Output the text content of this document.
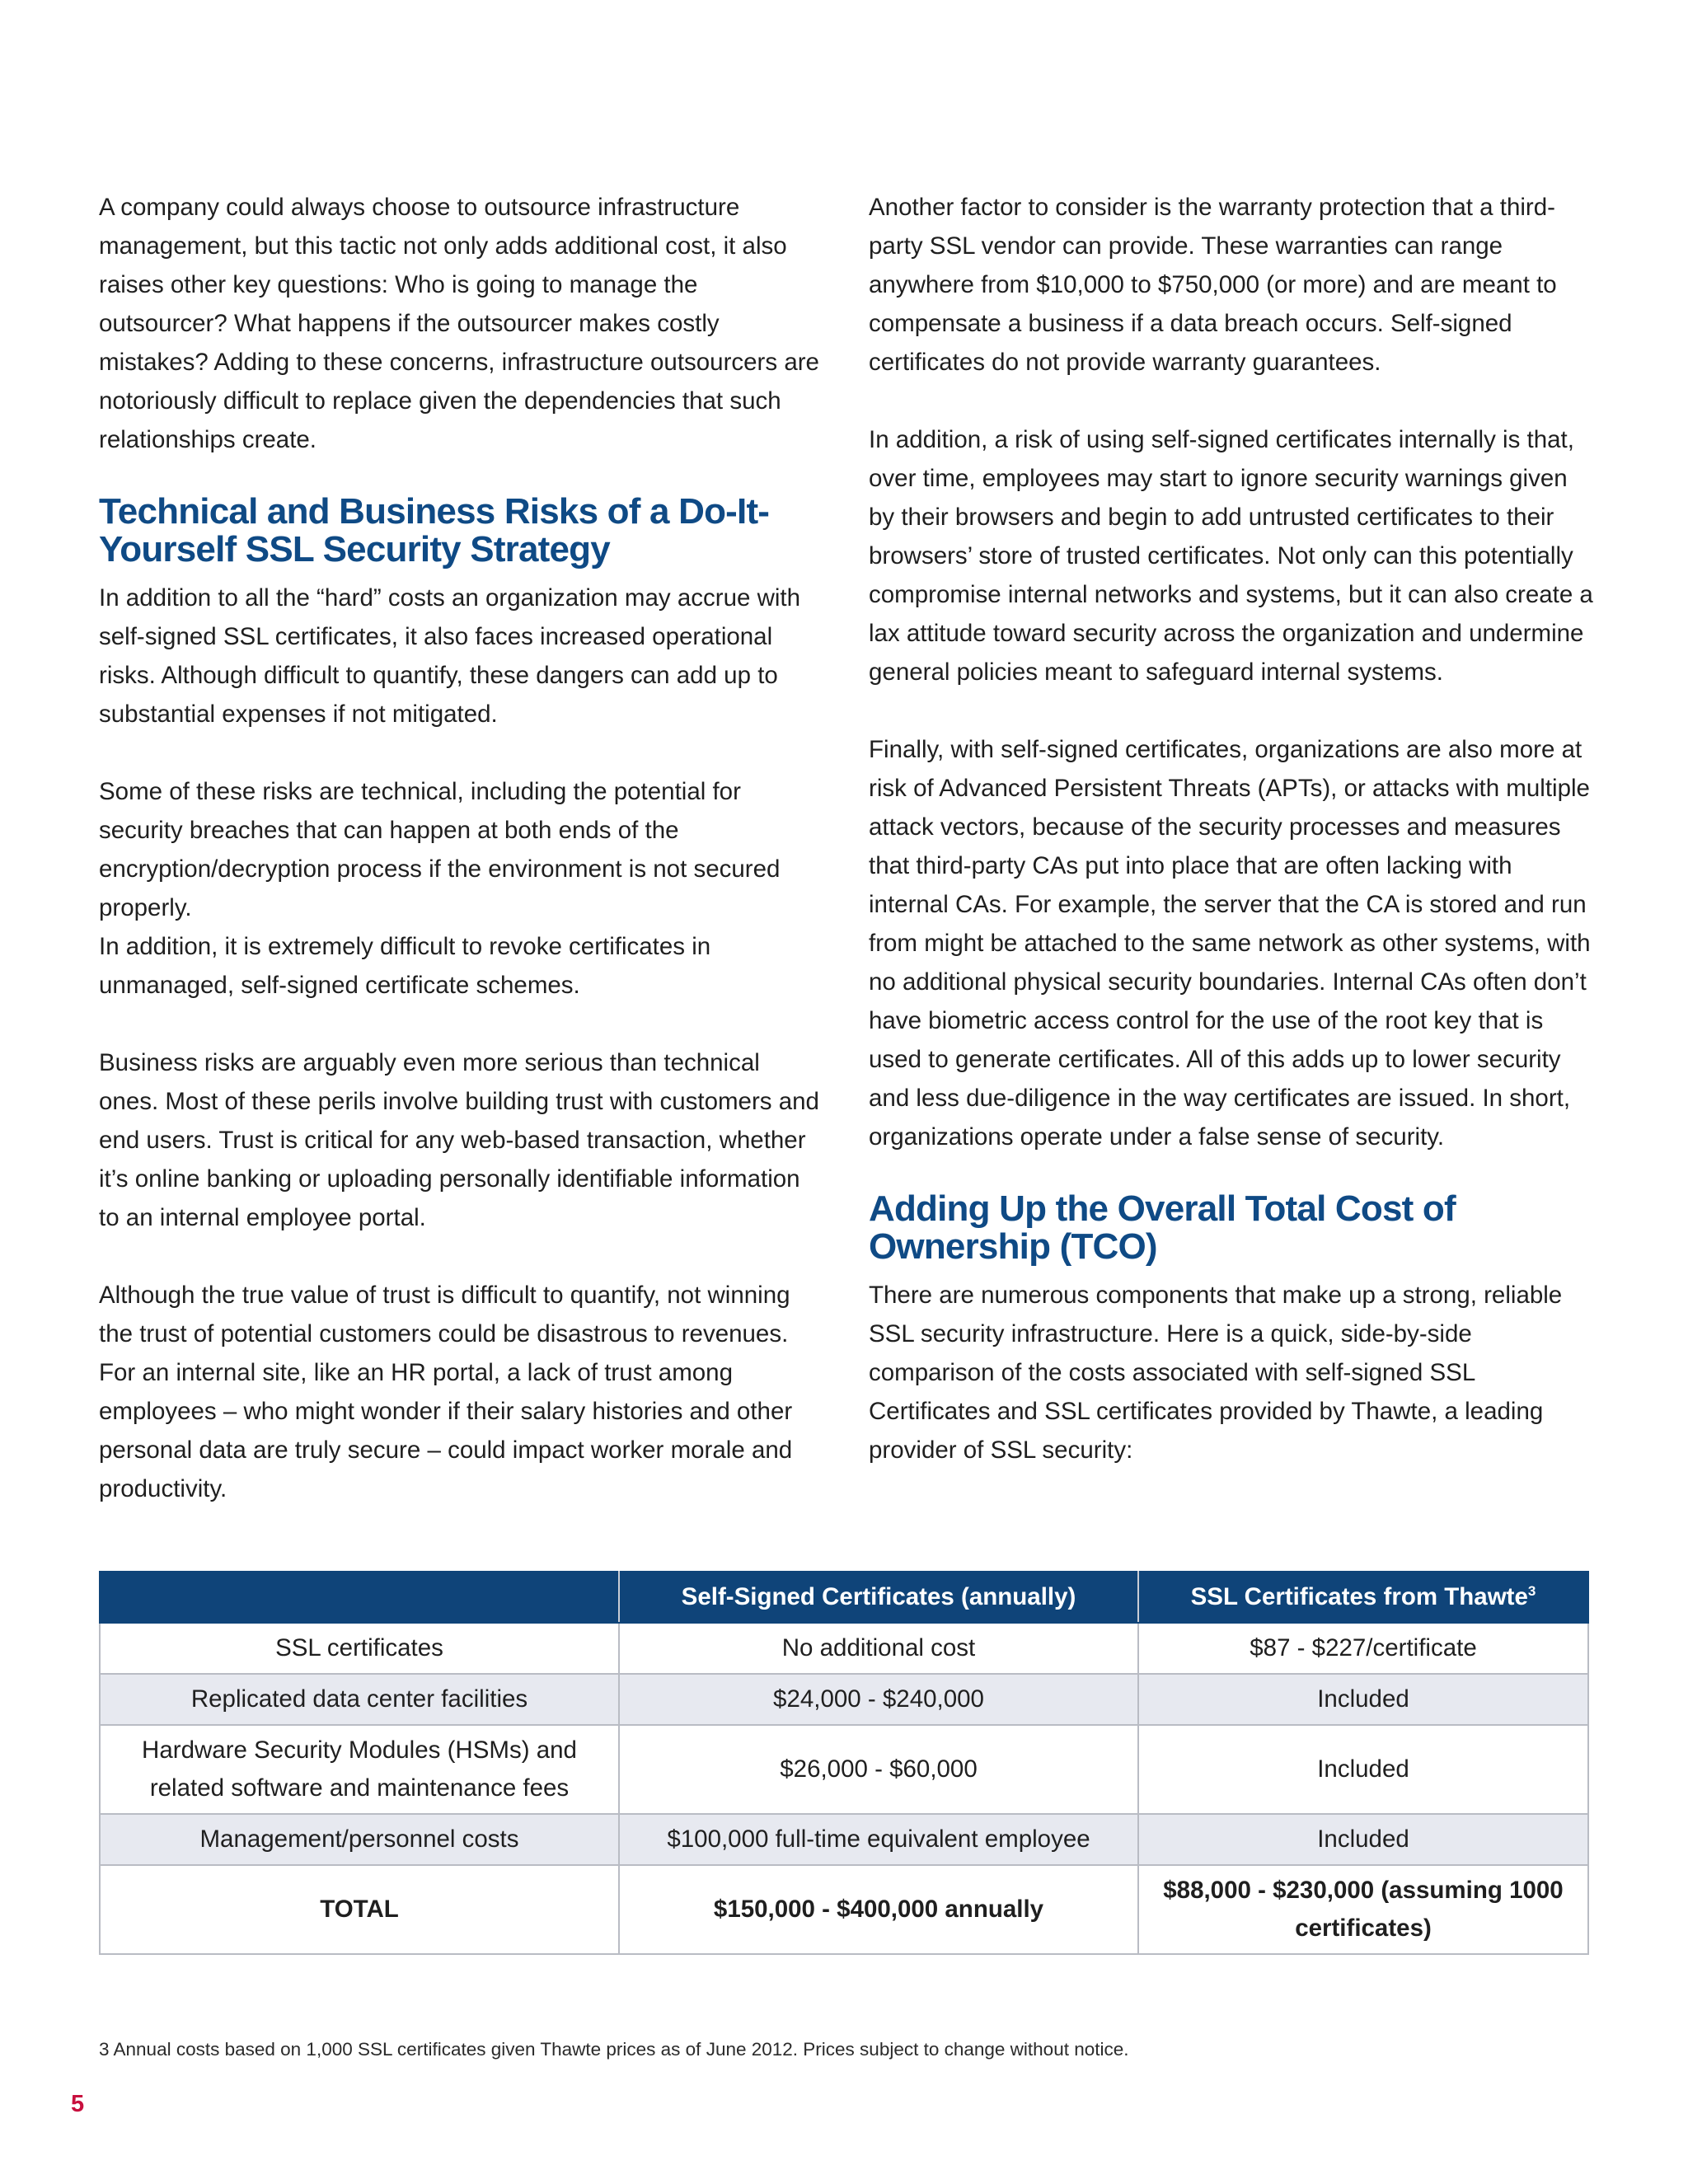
A company could always choose to outsource infrastructure management, but this tactic not only adds additional cost, it also raises other key questions: Who is going to manage the outsourcer? What happens if the outsourcer makes costly mistakes? Adding to these concerns, infrastructure outsourcers are notoriously difficult to replace given the dependencies that such relationships create.

Technical and Business Risks of a Do-It-Yourself SSL Security Strategy

In addition to all the “hard” costs an organization may accrue with self-signed SSL certificates, it also faces increased operational risks. Although difficult to quantify, these dangers can add up to substantial expenses if not mitigated.

Some of these risks are technical, including the potential for security breaches that can happen at both ends of the encryption/decryption process if the environment is not secured properly.
In addition, it is extremely difficult to revoke certificates in unmanaged, self-signed certificate schemes.

Business risks are arguably even more serious than technical ones. Most of these perils involve building trust with customers and end users. Trust is critical for any web-based transaction, whether it’s online banking or uploading personally identifiable information to an internal employee portal.

Although the true value of trust is difficult to quantify, not winning the trust of potential customers could be disastrous to revenues. For an internal site, like an HR portal, a lack of trust among employees – who might wonder if their salary histories and other personal data are truly secure – could impact worker morale and productivity.

Another factor to consider is the warranty protection that a third-party SSL vendor can provide. These warranties can range anywhere from $10,000 to $750,000 (or more) and are meant to compensate a business if a data breach occurs. Self-signed certificates do not provide warranty guarantees.

In addition, a risk of using self-signed certificates internally is that, over time, employees may start to ignore security warnings given by their browsers and begin to add untrusted certificates to their browsers’ store of trusted certificates. Not only can this potentially compromise internal networks and systems, but it can also create a lax attitude toward security across the organization and undermine general policies meant to safeguard internal systems.

Finally, with self-signed certificates, organizations are also more at risk of Advanced Persistent Threats (APTs), or attacks with multiple attack vectors, because of the security processes and measures that third-party CAs put into place that are often lacking with internal CAs. For example, the server that the CA is stored and run from might be attached to the same network as other systems, with no additional physical security boundaries. Internal CAs often don’t have biometric access control for the use of the root key that is used to generate certificates. All of this adds up to lower security and less due-diligence in the way certificates are issued. In short, organizations operate under a false sense of security.

Adding Up the Overall Total Cost of Ownership (TCO)

There are numerous components that make up a strong, reliable SSL security infrastructure. Here is a quick, side-by-side comparison of the costs associated with self-signed SSL Certificates and SSL certificates provided by Thawte, a leading provider of SSL security:

	Self-Signed Certificates (annually)	SSL Certificates from Thawte$^3$
SSL certificates	No additional cost	$87 - $227/certificate
Replicated data center facilities	$24,000 - $240,000	Included
Hardware Security Modules (HSMs) and related software and maintenance fees	$26,000 - $60,000	Included
Management/personnel costs	$100,000 full-time equivalent employee	Included
TOTAL	$150,000 - $400,000 annually	$88,000 - $230,000 (assuming 1000 certificates)
3 Annual costs based on 1,000 SSL certificates given Thawte prices as of June 2012. Prices subject to change without notice.
5
